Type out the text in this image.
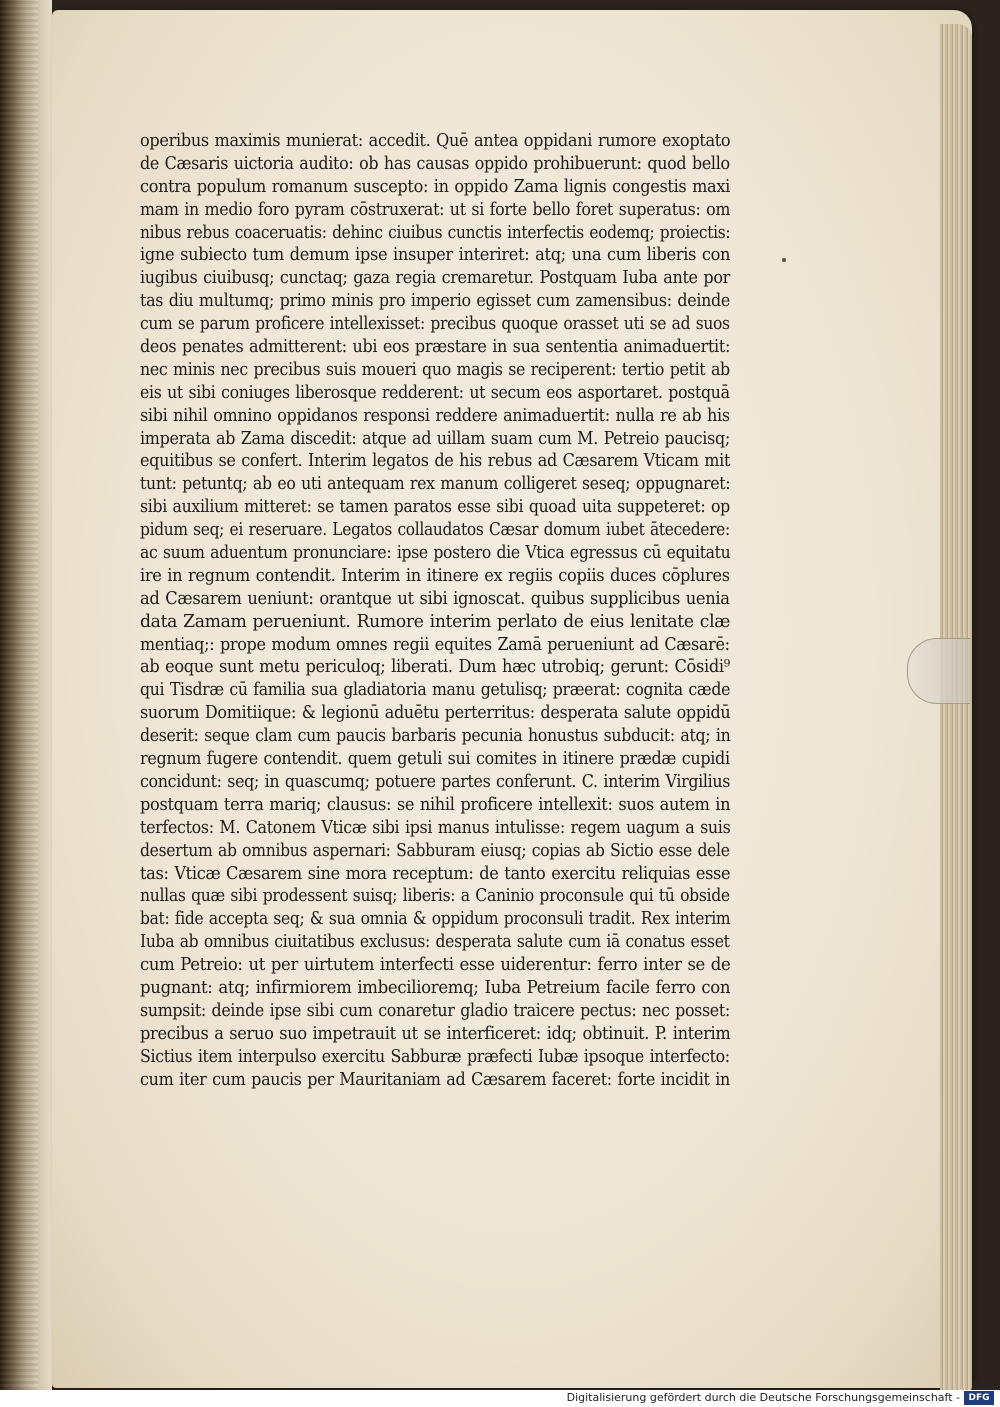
operibus maximis munierat: accedit. Quē antea oppidani rumore exoptato
de Cæsaris uictoria audito: ob has causas oppido prohibuerunt: quod bello
contra populum romanum suscepto: in oppido Zama lignis congestis maxi
mam in medio foro pyram cōstruxerat: ut si forte bello foret superatus: om
nibus rebus coaceruatis: dehinc ciuibus cunctis interfectis eodemq; proiectis:
igne subiecto tum demum ipse insuper interiret: atq; una cum liberis con
iugibus ciuibusq; cunctaq; gaza regia cremaretur. Postquam Iuba ante por
tas diu multumq; primo minis pro imperio egisset cum zamensibus: deinde
cum se parum proficere intellexisset: precibus quoque orasset uti se ad suos
deos penates admitterent: ubi eos præstare in sua sententia animaduertit:
nec minis nec precibus suis moueri quo magis se reciperent: tertio petit ab
eis ut sibi coniuges liberosque redderent: ut secum eos asportaret. postquā
sibi nihil omnino oppidanos responsi reddere animaduertit: nulla re ab his
imperata ab Zama discedit: atque ad uillam suam cum M. Petreio paucisq;
equitibus se confert. Interim legatos de his rebus ad Cæsarem Vticam mit
tunt: petuntq; ab eo uti antequam rex manum colligeret seseq; oppugnaret:
sibi auxilium mitteret: se tamen paratos esse sibi quoad uita suppeteret: op
pidum seq; ei reseruare. Legatos collaudatos Cæsar domum iubet ātecedere:
ac suum aduentum pronunciare: ipse postero die Vtica egressus cū equitatu
ire in regnum contendit. Interim in itinere ex regiis copiis duces cōplures
ad Cæsarem ueniunt: orantque ut sibi ignoscat. quibus supplicibus uenia
data Zamam perueniunt. Rumore interim perlato de eius lenitate clæ
mentiaq;: prope modum omnes regii equites Zamā perueniunt ad Cæsarē:
ab eoque sunt metu periculoq; liberati. Dum hæc utrobiq; gerunt: Cōsidi⁹
qui Tisdræ cū familia sua gladiatoria manu getulisq; præerat: cognita cæde
suorum Domitiique: & legionū aduētu perterritus: desperata salute oppidū
deserit: seque clam cum paucis barbaris pecunia honustus subducit: atq; in
regnum fugere contendit. quem getuli sui comites in itinere prædæ cupidi
concidunt: seq; in quascumq; potuere partes conferunt. C. interim Virgilius
postquam terra mariq; clausus: se nihil proficere intellexit: suos autem in
terfectos: M. Catonem Vticæ sibi ipsi manus intulisse: regem uagum a suis
desertum ab omnibus aspernari: Sabburam eiusq; copias ab Sictio esse dele
tas: Vticæ Cæsarem sine mora receptum: de tanto exercitu reliquias esse
nullas quæ sibi prodessent suisq; liberis: a Caninio proconsule qui tū obside
bat: fide accepta seq; & sua omnia & oppidum proconsuli tradit. Rex interim
Iuba ab omnibus ciuitatibus exclusus: desperata salute cum iā conatus esset
cum Petreio: ut per uirtutem interfecti esse uiderentur: ferro inter se de
pugnant: atq; infirmiorem imbecilioremq; Iuba Petreium facile ferro con
sumpsit: deinde ipse sibi cum conaretur gladio traicere pectus: nec posset:
precibus a seruo suo impetrauit ut se interficeret: idq; obtinuit. P. interim
Sictius item interpulso exercitu Sabburæ præfecti Iubæ ipsoque interfecto:
cum iter cum paucis per Mauritaniam ad Cæsarem faceret: forte incidit in
Digitalisierung gefördert durch die Deutsche Forschungsgemeinschaft - DFG
